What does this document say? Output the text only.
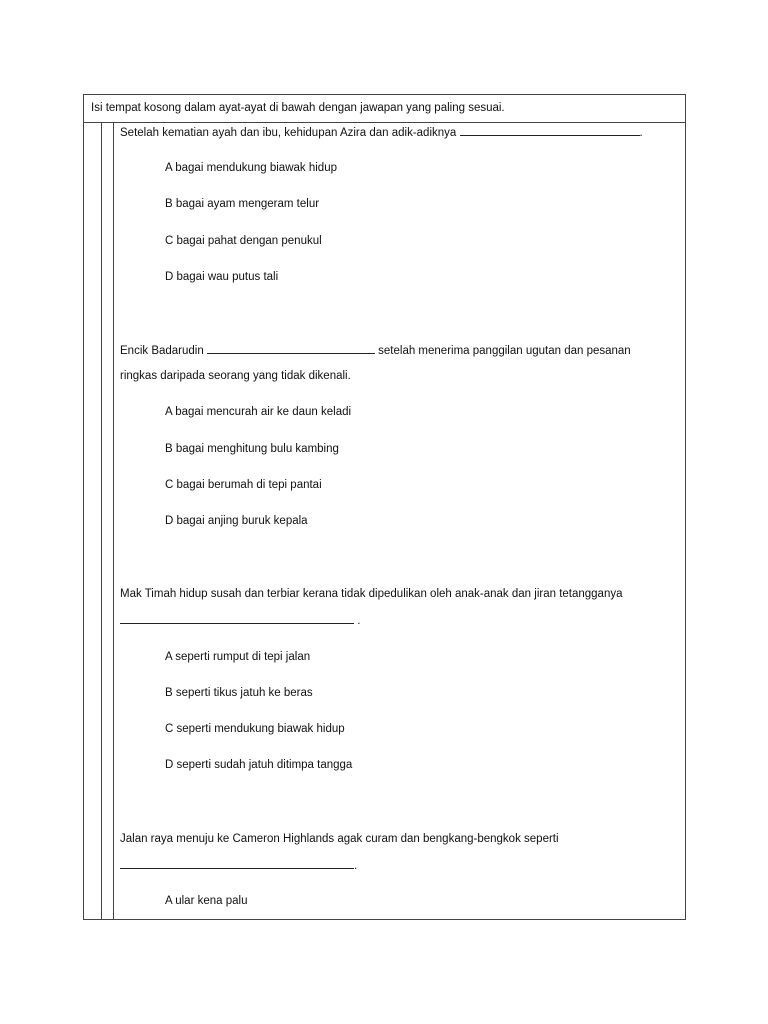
Isi tempat kosong dalam ayat-ayat di bawah dengan jawapan yang paling sesuai.
Setelah kematian ayah dan ibu, kehidupan Azira dan adik-adiknya	.
A bagai mendukung biawak hidup
B bagai ayam mengeram telur
C bagai pahat dengan penukul
D bagai wau putus tali
Encik Badarudin	setelah menerima panggilan ugutan dan pesanan
ringkas daripada seorang yang tidak dikenali.
A bagai mencurah air ke daun keladi
B bagai menghitung bulu kambing
C bagai berumah di tepi pantai
D bagai anjing buruk kepala
Mak Timah hidup susah dan terbiar kerana tidak dipedulikan oleh anak-anak dan jiran tetangganya
.
A seperti rumput di tepi jalan
B seperti tikus jatuh ke beras
C seperti mendukung biawak hidup
D seperti sudah jatuh ditimpa tangga
Jalan raya menuju ke Cameron Highlands agak curam dan bengkang-bengkok seperti
.
A ular kena palu
